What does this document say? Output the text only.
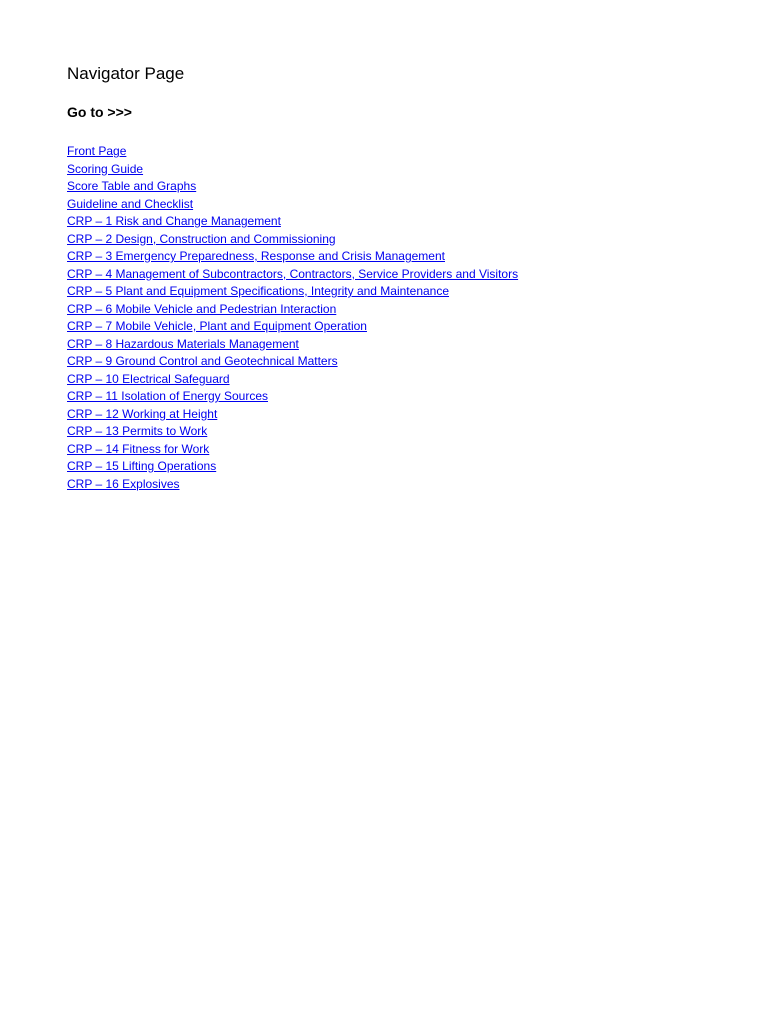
Navigator Page
Go to >>>
Front Page
Scoring Guide
Score Table and Graphs
Guideline and Checklist
CRP – 1 Risk and Change Management
CRP – 2 Design, Construction and Commissioning
CRP – 3 Emergency Preparedness, Response and Crisis Management
CRP – 4 Management of Subcontractors, Contractors, Service Providers and Visitors
CRP – 5 Plant and Equipment Specifications, Integrity and Maintenance
CRP – 6 Mobile Vehicle and Pedestrian Interaction
CRP – 7 Mobile Vehicle, Plant and Equipment Operation
CRP – 8 Hazardous Materials Management
CRP – 9 Ground Control and Geotechnical Matters
CRP – 10 Electrical Safeguard
CRP – 11 Isolation of Energy Sources
CRP – 12 Working at Height
CRP – 13 Permits to Work
CRP – 14 Fitness for Work
CRP – 15 Lifting Operations
CRP – 16 Explosives
